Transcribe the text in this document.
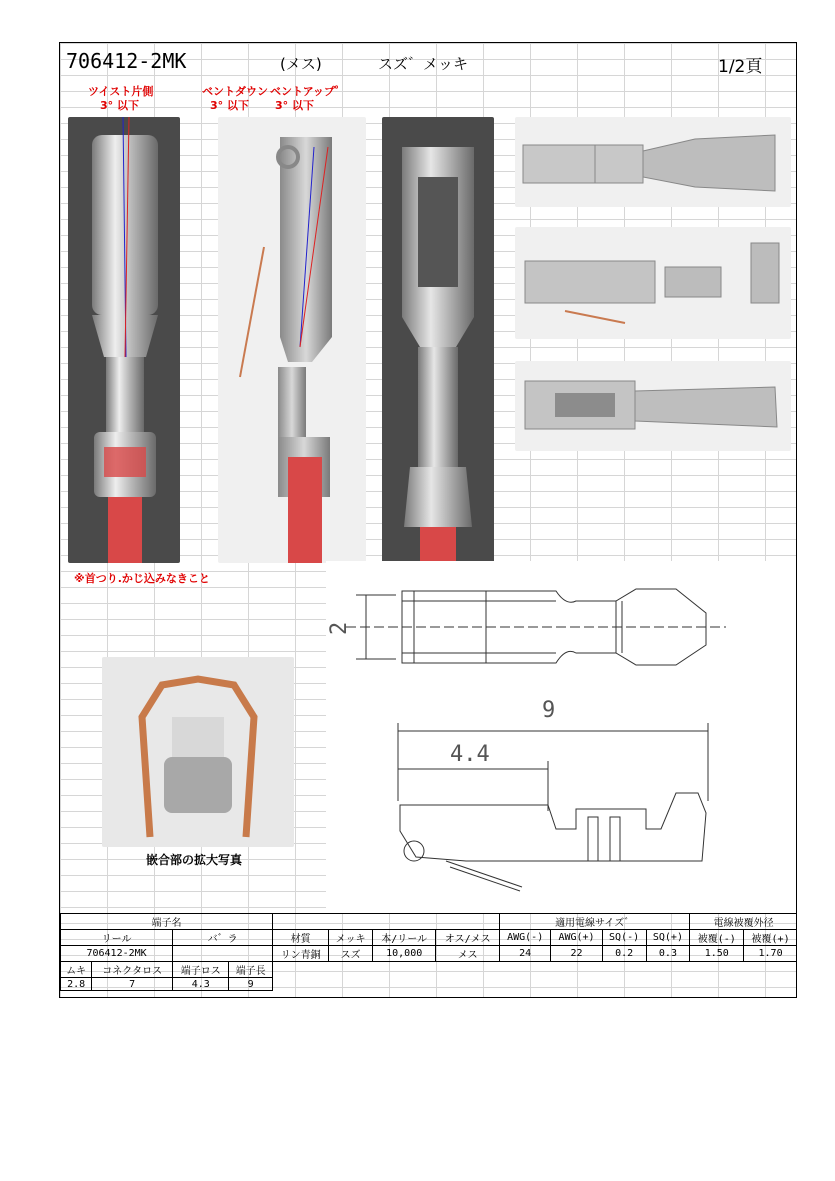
706412-2MK	(メス)	スズ゛メッキ	1/2頁
ツイスト片側
3° 以下
ベントダウン
3° 以下
ベントアップ゜
3° 以下
※首つり.かじ込みなきこと
2
9
4.4
嵌合部の拡大写真
端子名								適用電線サイズ゛				電線被覆外径	
リール		バ゛ラ		材質	メッキ	本/リール	オス/メス	AWG(-)	AWG(+)	SQ(-)	SQ(+)	被覆(-)	被覆(+)
706412-2MK				リン青銅	スズ	10,000	メス	24	22	0.2	0.3	1.50	1.70
ムキ	コネクタロス	端子ロス	端子長										
2.8	7	4.3	9										
